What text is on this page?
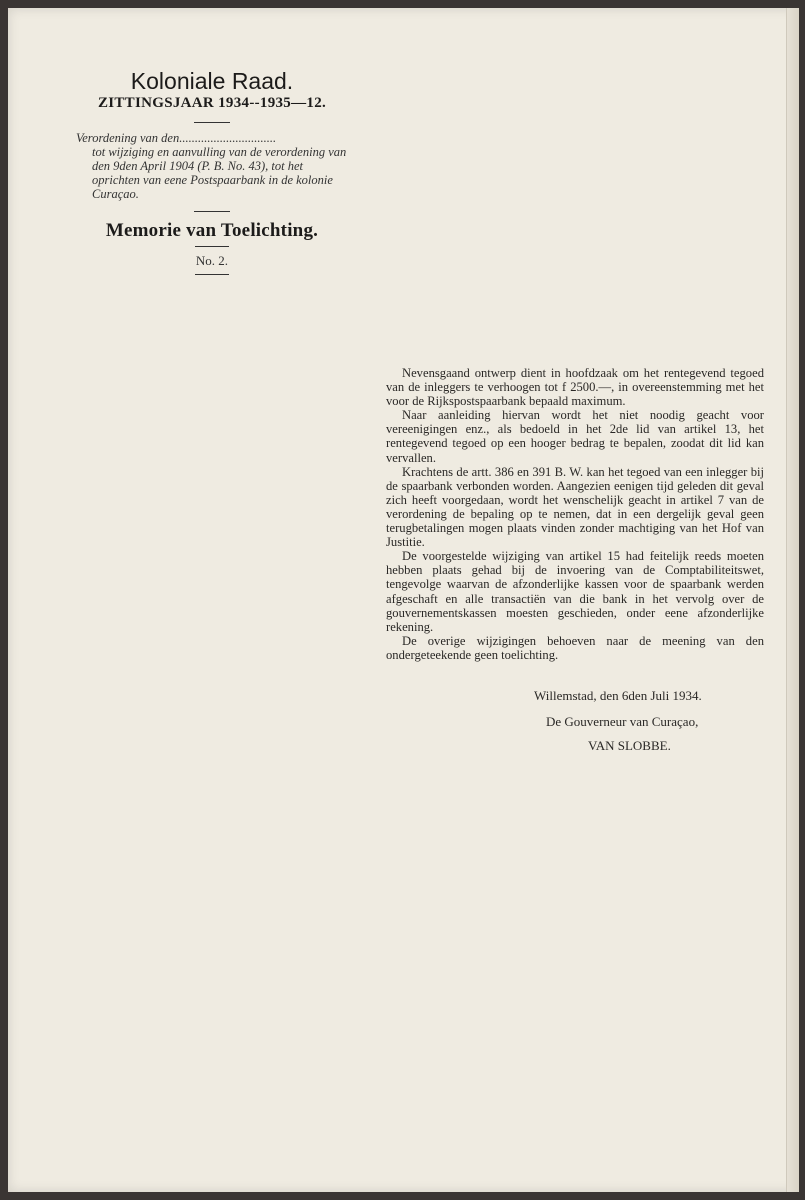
Koloniale Raad.
ZITTINGSJAAR 1934--1935—12.
Verordening van den...............................
tot wijziging en aanvulling van de verordening van den 9den April 1904 (P. B. No. 43), tot het oprichten van eene Postspaarbank in de kolonie Curaçao.
Memorie van Toelichting.
No. 2.

Nevensgaand ontwerp dient in hoofdzaak om het rentegevend tegoed van de inleggers te verhoogen tot f 2500.—, in overeenstemming met het voor de Rijkspostspaarbank bepaald maximum.

Naar aanleiding hiervan wordt het niet noodig geacht voor vereenigingen enz., als bedoeld in het 2de lid van artikel 13, het rentegevend tegoed op een hooger bedrag te bepalen, zoodat dit lid kan vervallen.

Krachtens de artt. 386 en 391 B. W. kan het tegoed van een inlegger bij de spaarbank verbonden worden. Aangezien eenigen tijd geleden dit geval zich heeft voorgedaan, wordt het wenschelijk geacht in artikel 7 van de verordening de bepaling op te nemen, dat in een dergelijk geval geen terugbetalingen mogen plaats vinden zonder machtiging van het Hof van Justitie.

De voorgestelde wijziging van artikel 15 had feitelijk reeds moeten hebben plaats gehad bij de invoering van de Comptabiliteitswet, tengevolge waarvan de afzonderlijke kassen voor de spaarbank werden afgeschaft en alle transactiën van die bank in het vervolg over de gouvernementskassen moesten geschieden, onder eene afzonderlijke rekening.

De overige wijzigingen behoeven naar de meening van den ondergeteekende geen toelichting.

Willemstad, den 6den Juli 1934.
De Gouverneur van Curaçao,
VAN SLOBBE.
